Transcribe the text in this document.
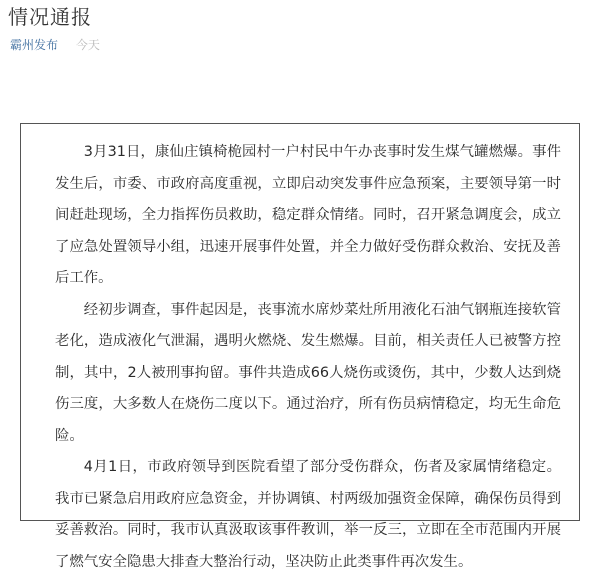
情况通报
霸州发布 今天

3月31日，康仙庄镇椅桅园村一户村民中午办丧事时发生煤气罐燃爆。事件发生后，市委、市政府高度重视，立即启动突发事件应急预案，主要领导第一时间赶赴现场，全力指挥伤员救助，稳定群众情绪。同时，召开紧急调度会，成立了应急处置领导小组，迅速开展事件处置，并全力做好受伤群众救治、安抚及善后工作。

经初步调查，事件起因是，丧事流水席炒菜灶所用液化石油气钢瓶连接软管老化，造成液化气泄漏，遇明火燃烧、发生燃爆。目前，相关责任人已被警方控制，其中，2人被刑事拘留。事件共造成66人烧伤或烫伤，其中，少数人达到烧伤三度，大多数人在烧伤二度以下。通过治疗，所有伤员病情稳定，均无生命危险。

4月1日，市政府领导到医院看望了部分受伤群众，伤者及家属情绪稳定。我市已紧急启用政府应急资金，并协调镇、村两级加强资金保障，确保伤员得到妥善救治。同时，我市认真汲取该事件教训，举一反三，立即在全市范围内开展了燃气安全隐患大排查大整治行动，坚决防止此类事件再次发生。
